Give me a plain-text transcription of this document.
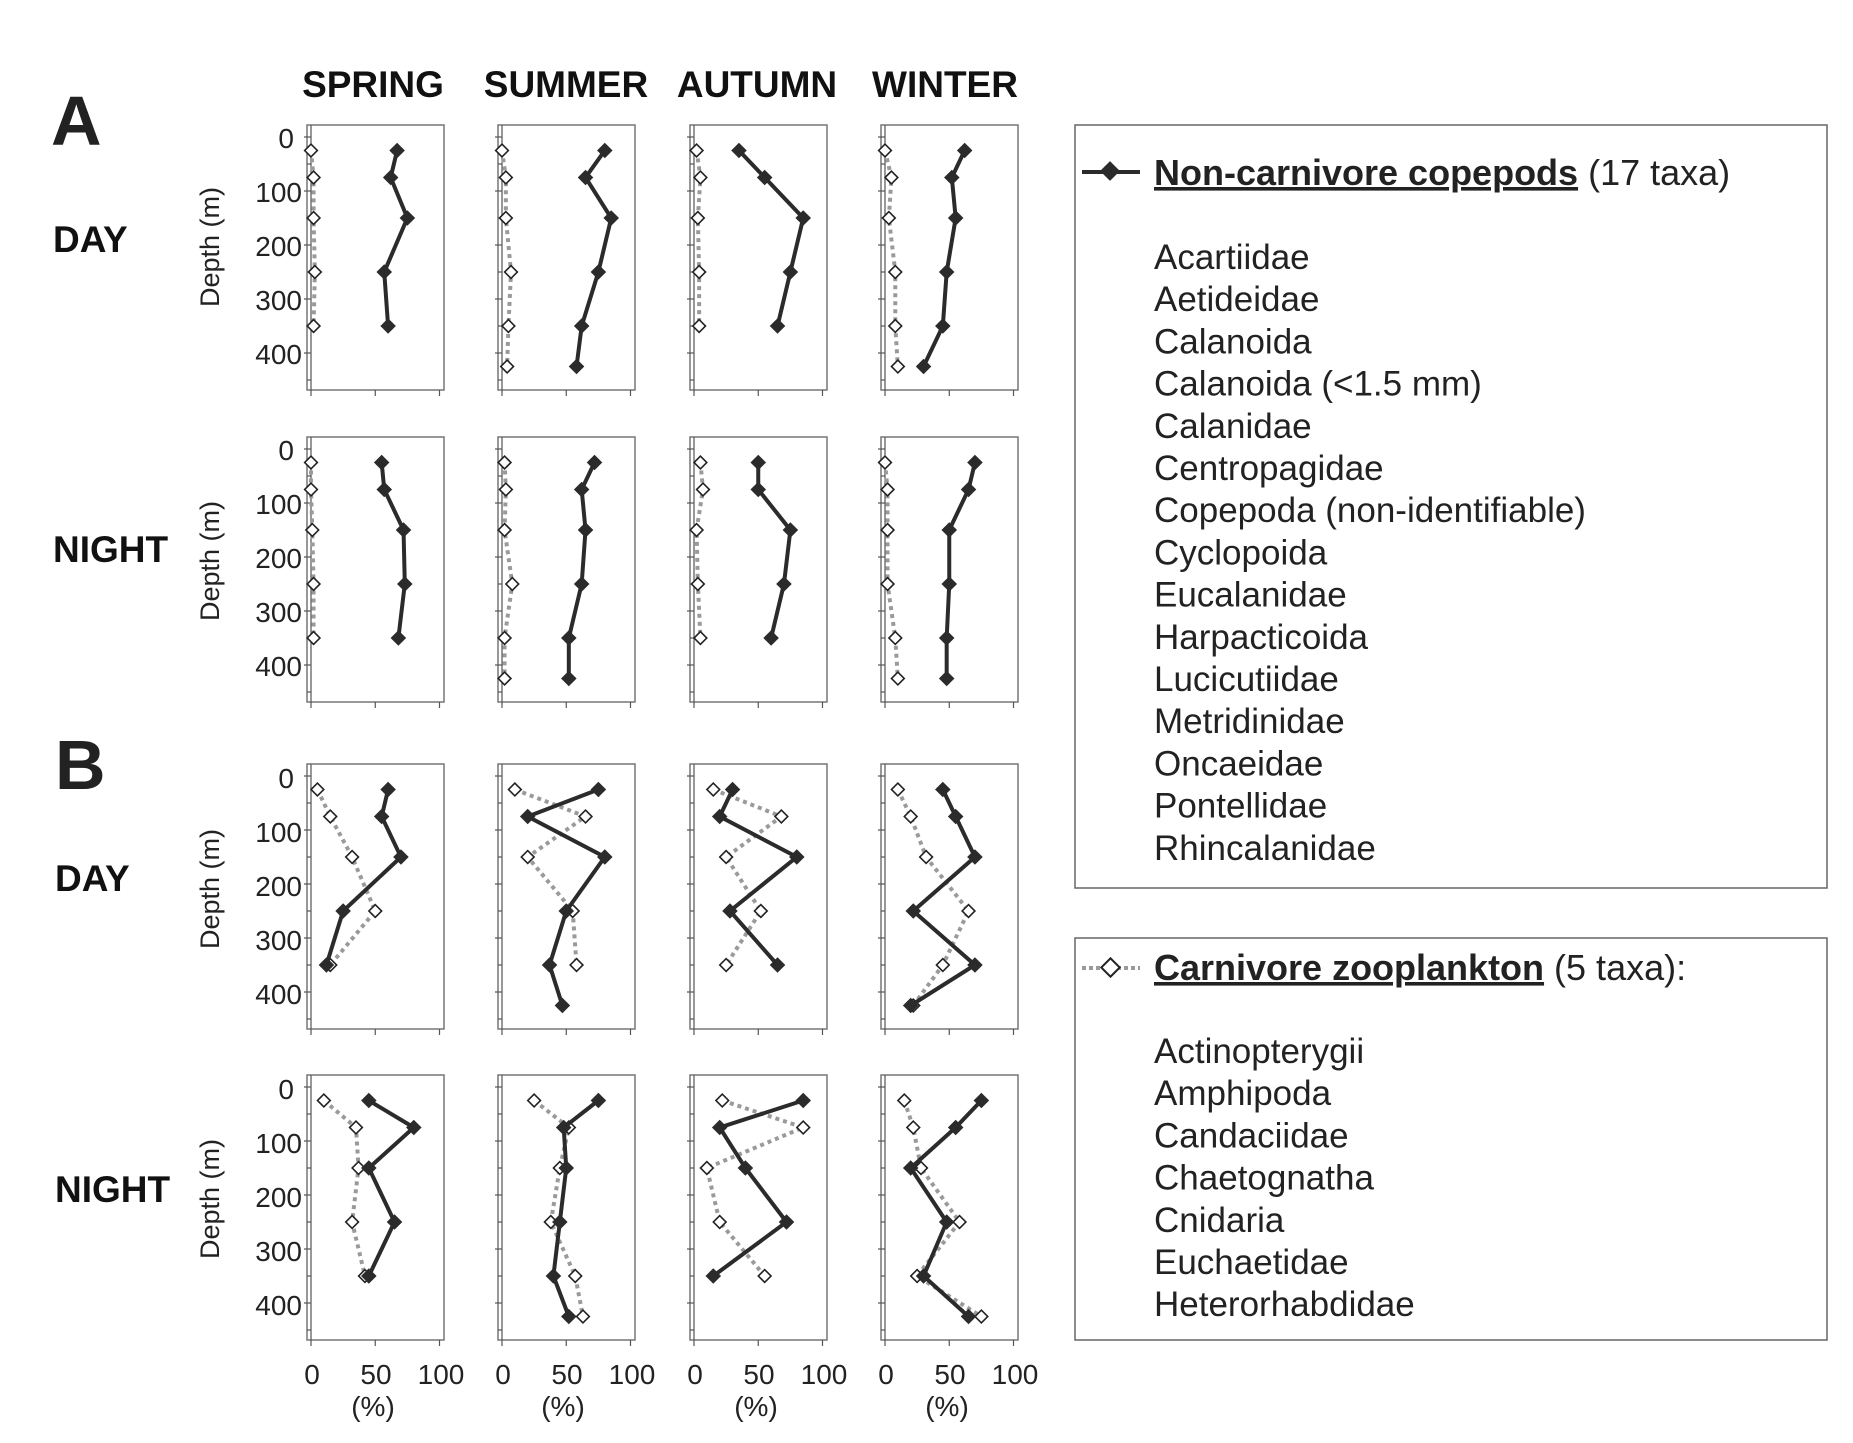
SPRING SUMMER AUTUMN WINTER
A
B
DAY
NIGHT
DAY
NIGHT
Depth (m)
Depth (m)
Depth (m)
Depth (m)
0
100
200
300
400
0
100
200
300
400
0
100
200
300
400
0
100
200
300
400
0 50 100
(%)
0 50 100
(%)
0 50 100
(%)
0 50 100
(%)
Non-carnivore copepods (17 taxa)
Acartiidae
Aetideidae
Calanoida
Calanoida (<1.5 mm)
Calanidae
Centropagidae
Copepoda (non-identifiable)
Cyclopoida
Eucalanidae
Harpacticoida
Lucicutiidae
Metridinidae
Oncaeidae
Pontellidae
Rhincalanidae
Carnivore zooplankton (5 taxa):
Actinopterygii
Amphipoda
Candaciidae
Chaetognatha
Cnidaria
Euchaetidae
Heterorhabdidae
